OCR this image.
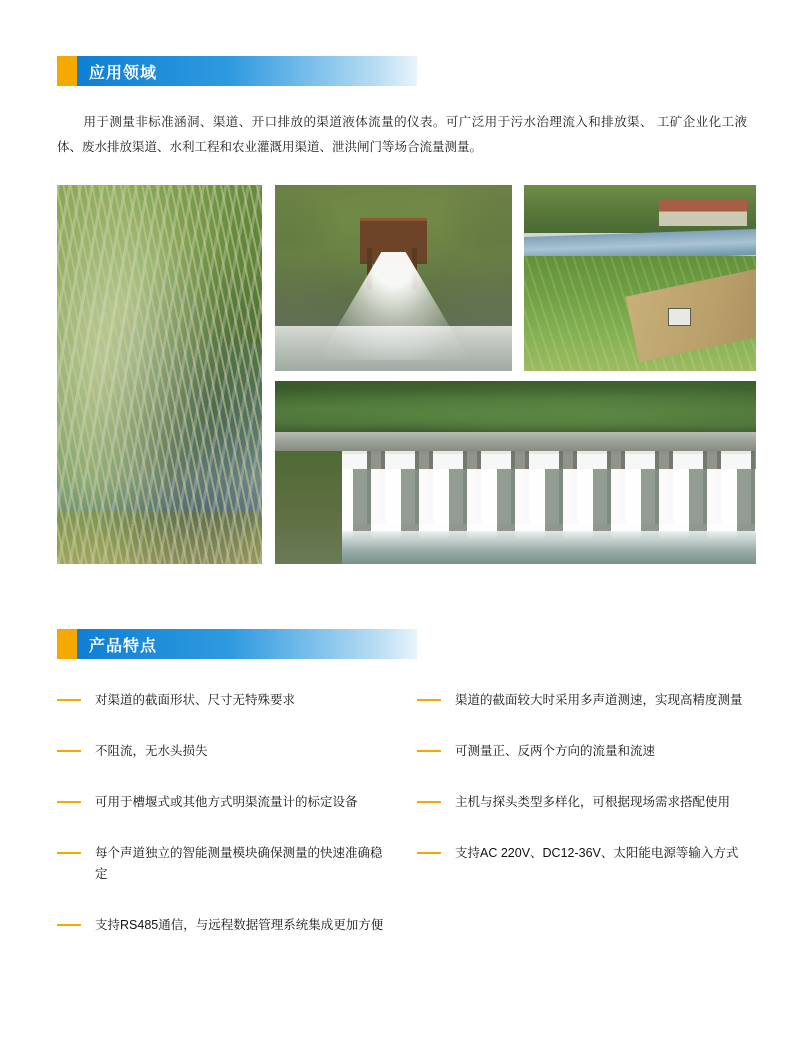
应用领域
用于测量非标准涵洞、渠道、开口排放的渠道液体流量的仪表。可广泛用于污水治理流入和排放渠、 工矿企业化工液体、废水排放渠道、水利工程和农业灌溉用渠道、泄洪闸门等场合流量测量。
产品特点
对渠道的截面形状、尺寸无特殊要求
不阻流，无水头损失
可用于槽堰式或其他方式明渠流量计的标定设备
每个声道独立的智能测量模块确保测量的快速准确稳定
支持RS485通信，与远程数据管理系统集成更加方便
渠道的截面较大时采用多声道测速，实现高精度测量
可测量正、反两个方向的流量和流速
主机与探头类型多样化，可根据现场需求搭配使用
支持AC 220V、DC12-36V、太阳能电源等输入方式
